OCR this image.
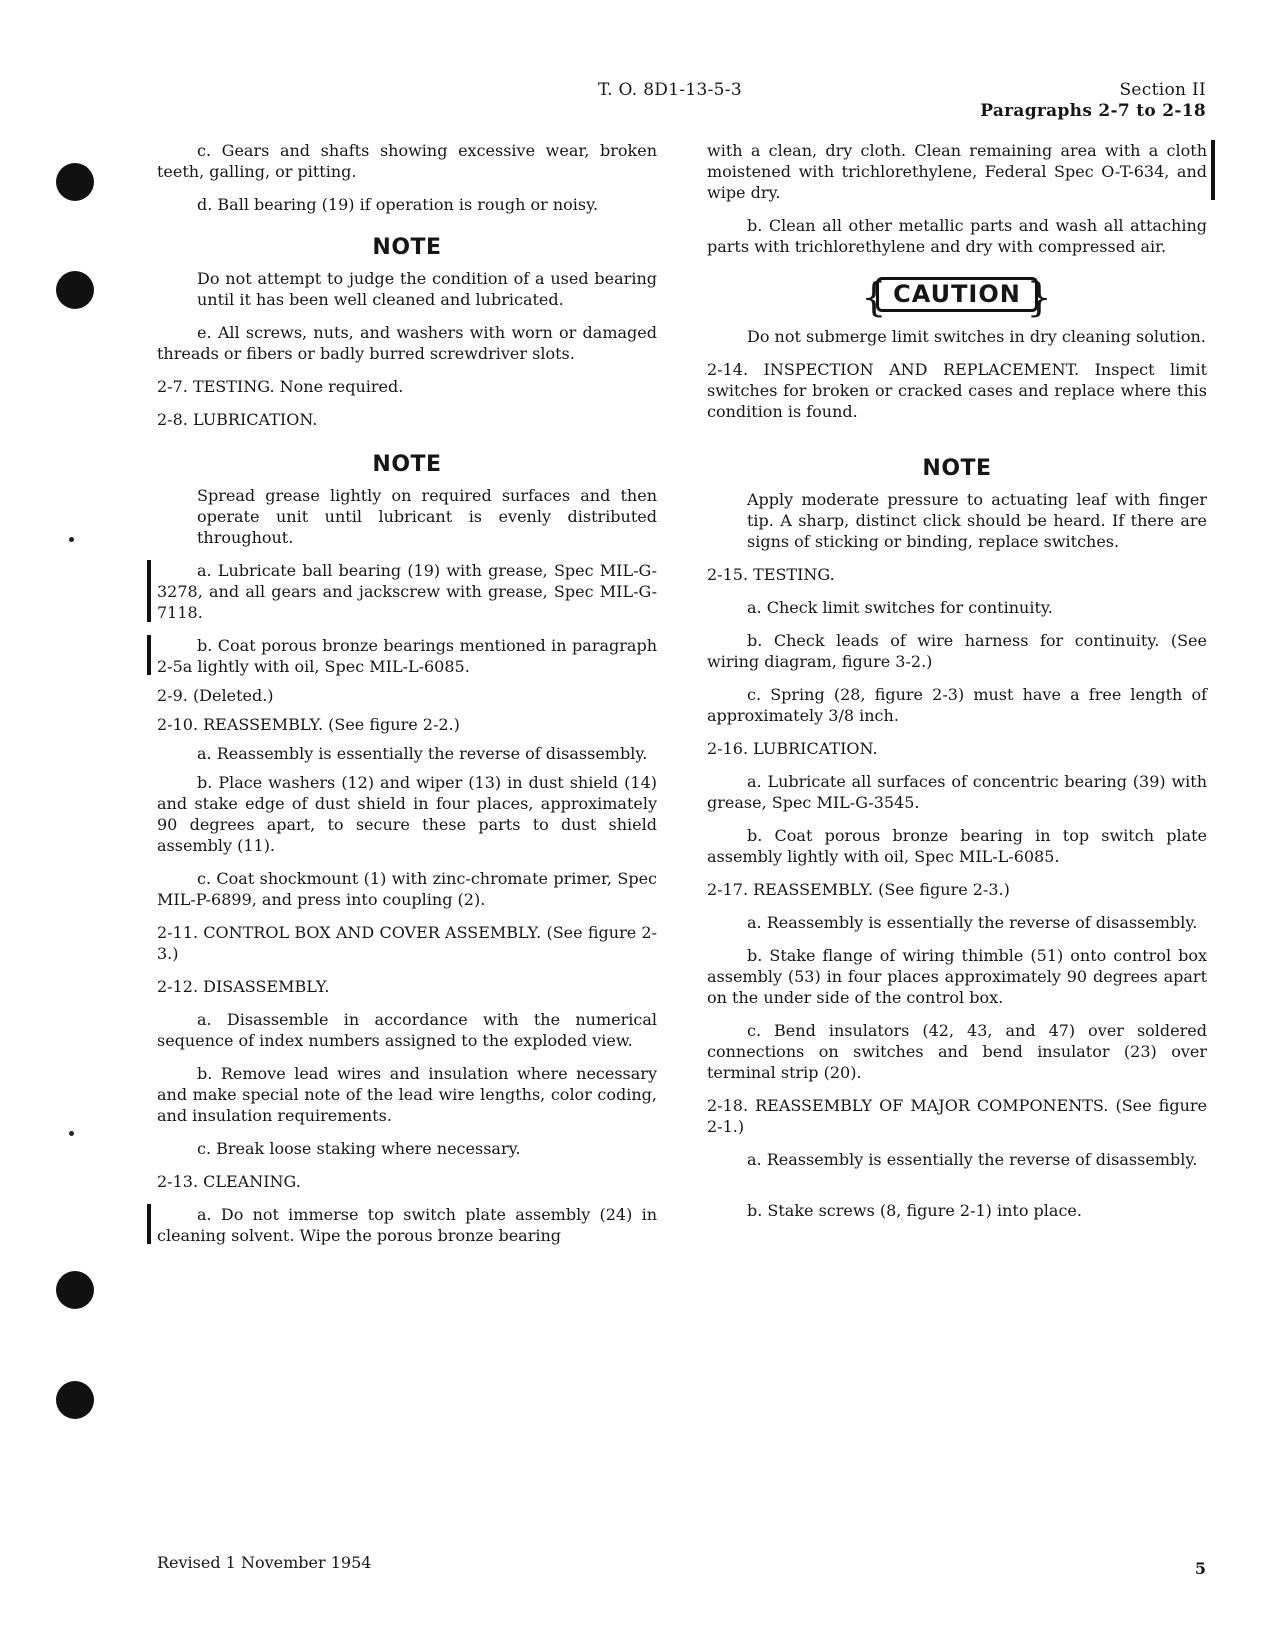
T. O. 8D1-13-5-3	Section II
Paragraphs 2-7 to 2-18

c. Gears and shafts showing excessive wear, broken teeth, galling, or pitting.

d. Ball bearing (19) if operation is rough or noisy.

NOTE

Do not attempt to judge the condition of a used bearing until it has been well cleaned and lubricated.

e. All screws, nuts, and washers with worn or damaged threads or fibers or badly burred screwdriver slots.

2-7. TESTING. None required.

2-8. LUBRICATION.

NOTE

Spread grease lightly on required surfaces and then operate unit until lubricant is evenly distributed throughout.

a. Lubricate ball bearing (19) with grease, Spec MIL-G-3278, and all gears and jackscrew with grease, Spec MIL-G-7118.

b. Coat porous bronze bearings mentioned in paragraph 2-5a lightly with oil, Spec MIL-L-6085.

2-9. (Deleted.)

2-10. REASSEMBLY. (See figure 2-2.)

a. Reassembly is essentially the reverse of disassembly.

b. Place washers (12) and wiper (13) in dust shield (14) and stake edge of dust shield in four places, approximately 90 degrees apart, to secure these parts to dust shield assembly (11).

c. Coat shockmount (1) with zinc-chromate primer, Spec MIL-P-6899, and press into coupling (2).

2-11. CONTROL BOX AND COVER ASSEMBLY. (See figure 2-3.)

2-12. DISASSEMBLY.

a. Disassemble in accordance with the numerical sequence of index numbers assigned to the exploded view.

b. Remove lead wires and insulation where necessary and make special note of the lead wire lengths, color coding, and insulation requirements.

c. Break loose staking where necessary.

2-13. CLEANING.

a. Do not immerse top switch plate assembly (24) in cleaning solvent. Wipe the porous bronze bearing

with a clean, dry cloth. Clean remaining area with a cloth moistened with trichlorethylene, Federal Spec O-T-634, and wipe dry.

b. Clean all other metallic parts and wash all attaching parts with trichlorethylene and dry with compressed air.

{ CAUTION }

Do not submerge limit switches in dry cleaning solution.

2-14. INSPECTION AND REPLACEMENT. Inspect limit switches for broken or cracked cases and replace where this condition is found.

NOTE

Apply moderate pressure to actuating leaf with finger tip. A sharp, distinct click should be heard. If there are signs of sticking or binding, replace switches.

2-15. TESTING.

a. Check limit switches for continuity.

b. Check leads of wire harness for continuity. (See wiring diagram, figure 3-2.)

c. Spring (28, figure 2-3) must have a free length of approximately 3/8 inch.

2-16. LUBRICATION.

a. Lubricate all surfaces of concentric bearing (39) with grease, Spec MIL-G-3545.

b. Coat porous bronze bearing in top switch plate assembly lightly with oil, Spec MIL-L-6085.

2-17. REASSEMBLY. (See figure 2-3.)

a. Reassembly is essentially the reverse of disassembly.

b. Stake flange of wiring thimble (51) onto control box assembly (53) in four places approximately 90 degrees apart on the under side of the control box.

c. Bend insulators (42, 43, and 47) over soldered connections on switches and bend insulator (23) over terminal strip (20).

2-18. REASSEMBLY OF MAJOR COMPONENTS. (See figure 2-1.)

a. Reassembly is essentially the reverse of disassembly.

b. Stake screws (8, figure 2-1) into place.

Revised 1 November 1954	5
